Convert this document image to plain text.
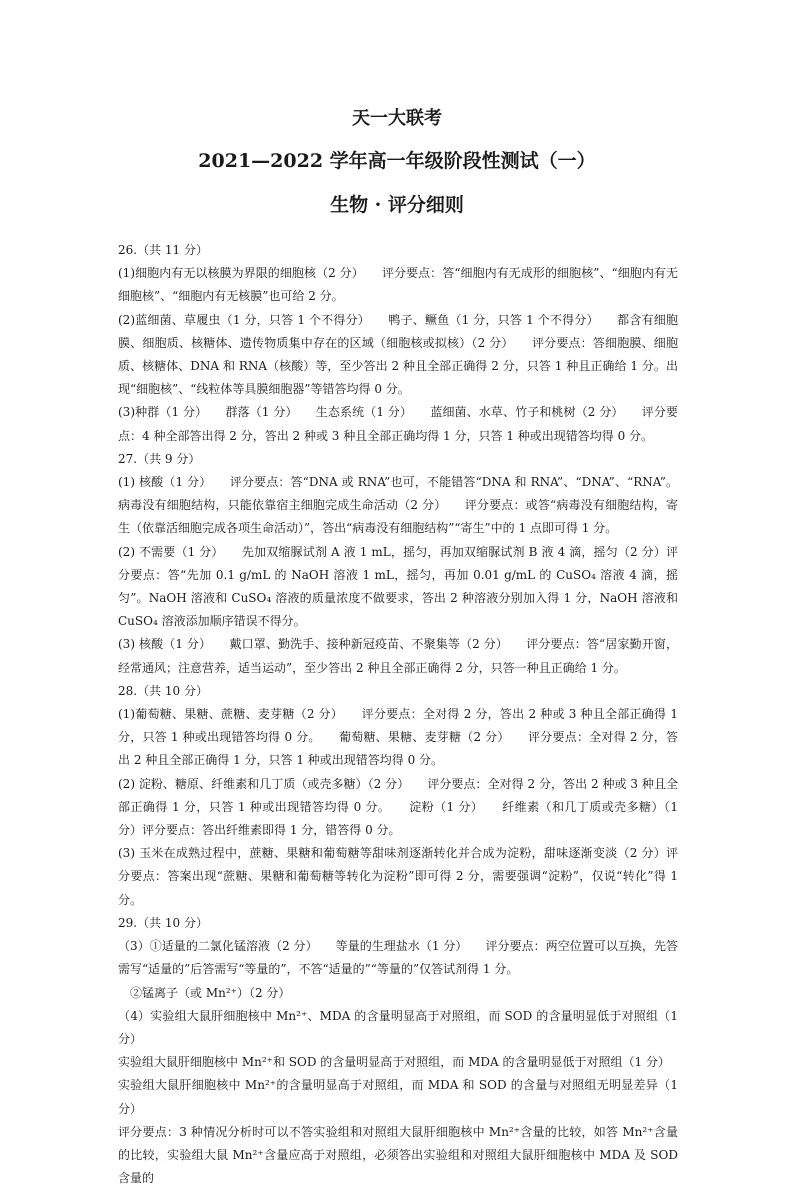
天一大联考

2021—2022 学年高一年级阶段性测试（一）

生物 · 评分细则

26.（共 11 分）

(1)细胞内有无以核膜为界限的细胞核（2 分）　　评分要点：答“细胞内有无成形的细胞核”、“细胞内有无细胞核”、“细胞内有无核膜”也可给 2 分。

(2)蓝细菌、草履虫（1 分，只答 1 个不得分）　　鸭子、鳜鱼（1 分，只答 1 个不得分）　　都含有细胞膜、细胞质、核糖体、遗传物质集中存在的区域（细胞核或拟核）（2 分）　　评分要点：答细胞膜、细胞质、核糖体、DNA 和 RNA（核酸）等，至少答出 2 种且全部正确得 2 分，只答 1 种且正确给 1 分。出现“细胞核”、“线粒体等具膜细胞器”等错答均得 0 分。

(3)种群（1 分）　　群落（1 分）　　生态系统（1 分）　　蓝细菌、水草、竹子和桃树（2 分）　　评分要点：4 种全部答出得 2 分，答出 2 种或 3 种且全部正确均得 1 分，只答 1 种或出现错答均得 0 分。

27.（共 9 分）

(1) 核酸（1 分）　　评分要点：答“DNA 或 RNA”也可，不能错答“DNA 和 RNA”、“DNA”、“RNA”。病毒没有细胞结构，只能依靠宿主细胞完成生命活动（2 分）　　评分要点：或答“病毒没有细胞结构，寄生（依靠活细胞完成各项生命活动）”，答出“病毒没有细胞结构”“寄生”中的 1 点即可得 1 分。

(2) 不需要（1 分）　　先加双缩脲试剂 A 液 1 mL，摇匀，再加双缩脲试剂 B 液 4 滴，摇匀（2 分）评分要点：答“先加 0.1 g/mL 的 NaOH 溶液 1 mL，摇匀，再加 0.01 g/mL 的 CuSO₄ 溶液 4 滴，摇匀”。NaOH 溶液和 CuSO₄ 溶液的质量浓度不做要求，答出 2 种溶液分别加入得 1 分，NaOH 溶液和 CuSO₄ 溶液添加顺序错误不得分。

(3) 核酸（1 分）　　戴口罩、勤洗手、接种新冠疫苗、不聚集等（2 分）　　评分要点：答“居家勤开窗，经常通风；注意营养，适当运动”，至少答出 2 种且全部正确得 2 分，只答一种且正确给 1 分。

28.（共 10 分）

(1)葡萄糖、果糖、蔗糖、麦芽糖（2 分）　　评分要点：全对得 2 分，答出 2 种或 3 种且全部正确得 1 分，只答 1 种或出现错答均得 0 分。　　葡萄糖、果糖、麦芽糖（2 分）　　评分要点：全对得 2 分，答出 2 种且全部正确得 1 分，只答 1 种或出现错答均得 0 分。

(2) 淀粉、糖原、纤维素和几丁质（或壳多糖）（2 分）　　评分要点：全对得 2 分，答出 2 种或 3 种且全部正确得 1 分，只答 1 种或出现错答均得 0 分。　　淀粉（1 分）　　纤维素（和几丁质或壳多糖）（1 分）评分要点：答出纤维素即得 1 分，错答得 0 分。

(3) 玉米在成熟过程中，蔗糖、果糖和葡萄糖等甜味剂逐渐转化并合成为淀粉，甜味逐渐变淡（2 分）评分要点：答案出现“蔗糖、果糖和葡萄糖等转化为淀粉”即可得 2 分，需要强调“淀粉”，仅说“转化”得 1 分。

29.（共 10 分）

（3）①适量的二氯化锰溶液（2 分）　　等量的生理盐水（1 分）　　评分要点：两空位置可以互换，先答需写“适量的”后答需写“等量的”，不答“适量的”“等量的”仅答试剂得 1 分。

　②锰离子（或 Mn²⁺）（2 分）

（4）实验组大鼠肝细胞核中 Mn²⁺、MDA 的含量明显高于对照组，而 SOD 的含量明显低于对照组（1 分）

实验组大鼠肝细胞核中 Mn²⁺和 SOD 的含量明显高于对照组，而 MDA 的含量明显低于对照组（1 分）

实验组大鼠肝细胞核中 Mn²⁺的含量明显高于对照组，而 MDA 和 SOD 的含量与对照组无明显差异（1 分）

评分要点：3 种情况分析时可以不答实验组和对照组大鼠肝细胞核中 Mn²⁺含量的比较，如答 Mn²⁺含量的比较，实验组大鼠 Mn²⁺含量应高于对照组，必须答出实验组和对照组大鼠肝细胞核中 MDA 及 SOD 含量的
